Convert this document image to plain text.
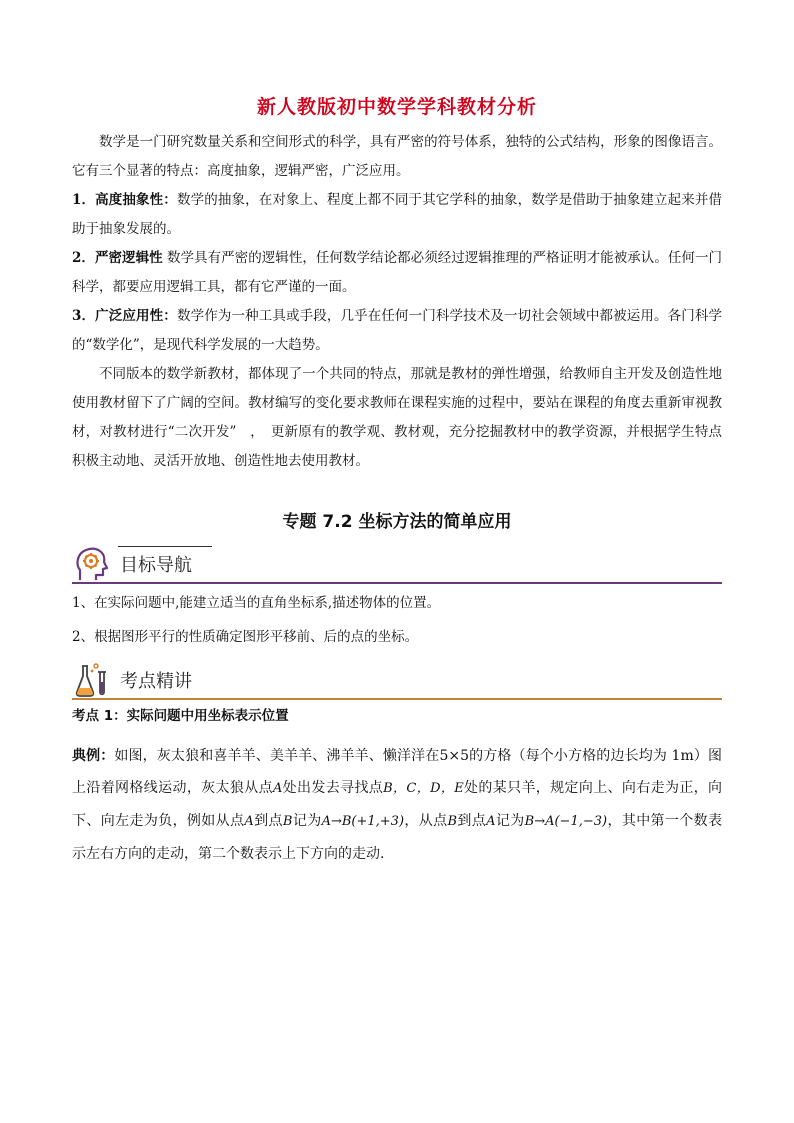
新人教版初中数学学科教材分析

数学是一门研究数量关系和空间形式的科学，具有严密的符号体系，独特的公式结构，形象的图像语言。它有三个显著的特点：高度抽象，逻辑严密，广泛应用。

1．高度抽象性：数学的抽象，在对象上、程度上都不同于其它学科的抽象，数学是借助于抽象建立起来并借助于抽象发展的。

2．严密逻辑性 数学具有严密的逻辑性，任何数学结论都必须经过逻辑推理的严格证明才能被承认。任何一门科学，都要应用逻辑工具，都有它严谨的一面。

3．广泛应用性：数学作为一种工具或手段，几乎在任何一门科学技术及一切社会领域中都被运用。各门科学的“数学化”，是现代科学发展的一大趋势。

不同版本的数学新教材，都体现了一个共同的特点，那就是教材的弹性增强，给教师自主开发及创造性地使用教材留下了广阔的空间。教材编写的变化要求教师在课程实施的过程中，要站在课程的角度去重新审视教材，对教材进行“二次开发”　，　更新原有的教学观、教材观，充分挖掘教材中的教学资源，并根据学生特点积极主动地、灵活开放地、创造性地去使用教材。

专题 7.2 坐标方法的简单应用
目标导航

1、在实际问题中,能建立适当的直角坐标系,描述物体的位置。

2、根据图形平行的性质确定图形平移前、后的点的坐标。

考点精讲
考点 1：实际问题中用坐标表示位置

典例：如图，灰太狼和喜羊羊、美羊羊、沸羊羊、懒洋洋在5×5的方格（每个小方格的边长均为 1m）图上沿着网格线运动，灰太狼从点A处出发去寻找点B，C，D，E处的某只羊，规定向上、向右走为正，向下、向左走为负，例如从点A到点B记为A→B(+1,+3)，从点B到点A记为B→A(−1,−3)，其中第一个数表示左右方向的走动，第二个数表示上下方向的走动.
